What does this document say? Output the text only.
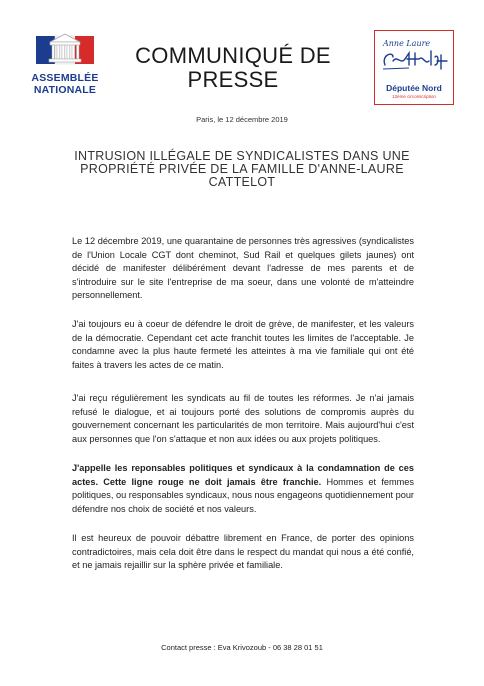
ASSEMBLÉE
NATIONALE
COMMUNIQUÉ DE
PRESSE
Anne Laure
Députée Nord
12ème circonscription
Paris, le 12 décembre 2019
INTRUSION ILLÉGALE DE SYNDICALISTES DANS UNE
PROPRIÉTÉ PRIVÉE DE LA FAMILLE D'ANNE-LAURE
CATTELOT

Le 12 décembre 2019, une quarantaine de personnes très agressives (syndicalistes de l'Union Locale CGT dont cheminot, Sud Rail et quelques gilets jaunes) ont décidé de manifester délibérément devant l'adresse de mes parents et de s'introduire sur le site l'entreprise de ma soeur, dans une volonté de m'atteindre personnellement.

J'ai toujours eu à coeur de défendre le droit de grève, de manifester, et les valeurs de la démocratie. Cependant cet acte franchit toutes les limites de l'acceptable. Je condamne avec la plus haute fermeté les atteintes à ma vie familiale qui ont été faites à travers les actes de ce matin.

J'ai reçu régulièrement les syndicats au fil de toutes les réformes. Je n'ai jamais refusé le dialogue, et ai toujours porté des solutions de compromis auprès du gouvernement concernant les particularités de mon territoire. Mais aujourd'hui c'est aux personnes que l'on s'attaque et non aux idées ou aux projets politiques.

J'appelle les reponsables politiques et syndicaux à la condamnation de ces actes. Cette ligne rouge ne doit jamais être franchie. Hommes et femmes politiques, ou responsables syndicaux, nous nous engageons quotidiennement pour défendre nos choix de société et nos valeurs.

Il est heureux de pouvoir débattre librement en France, de porter des opinions contradictoires, mais cela doit être dans le respect du mandat qui nous a été confié, et ne jamais rejaillir sur la sphère privée et familiale.

Contact presse : Eva Krivozoub - 06 38 28 01 51
